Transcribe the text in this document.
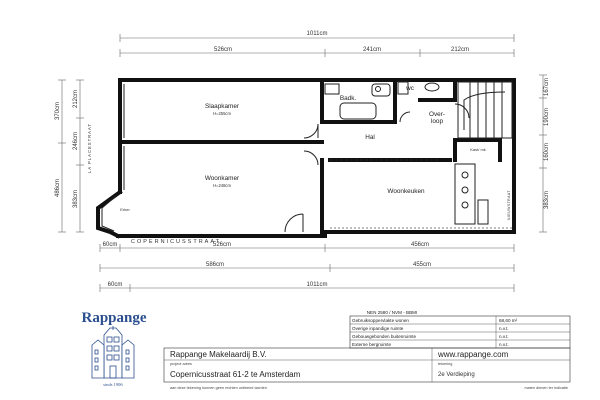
1011cm
526cm	241cm	212cm
370cm
486cm
212cm
246cm
383cm
167cm
190cm
160cm
383cm
60cm	526cm	456cm
586cm	455cm
60cm	1011cm
Slaapkamer
H=255cm
Woonkamer
H=248cm
Badk.
wc
Over-
loop
Hal
Woonkeuken
Kast/ mk
Erker
COPERNICUSSTRAAT
LA PLACESTRAAT
NIEUWSTRAAT
NEN 2580 / NVM - BBMI
Gebruiksoppervlakte wonen	68,60 m²
Overige inpandige ruimte	n.v.t.
Gebouwgebonden buitenruimte	n.v.t.
Externe bergruimte	n.v.t.
Rappange
sinds 1906
Rappange Makelaardij B.V.	www.rappange.com
project adres
Copernicusstraat 61-2 te Amsterdam
tekening
2e Verdieping
aan deze tekening kunnen geen rechten ontleend worden	maten dienen ter indicatie
